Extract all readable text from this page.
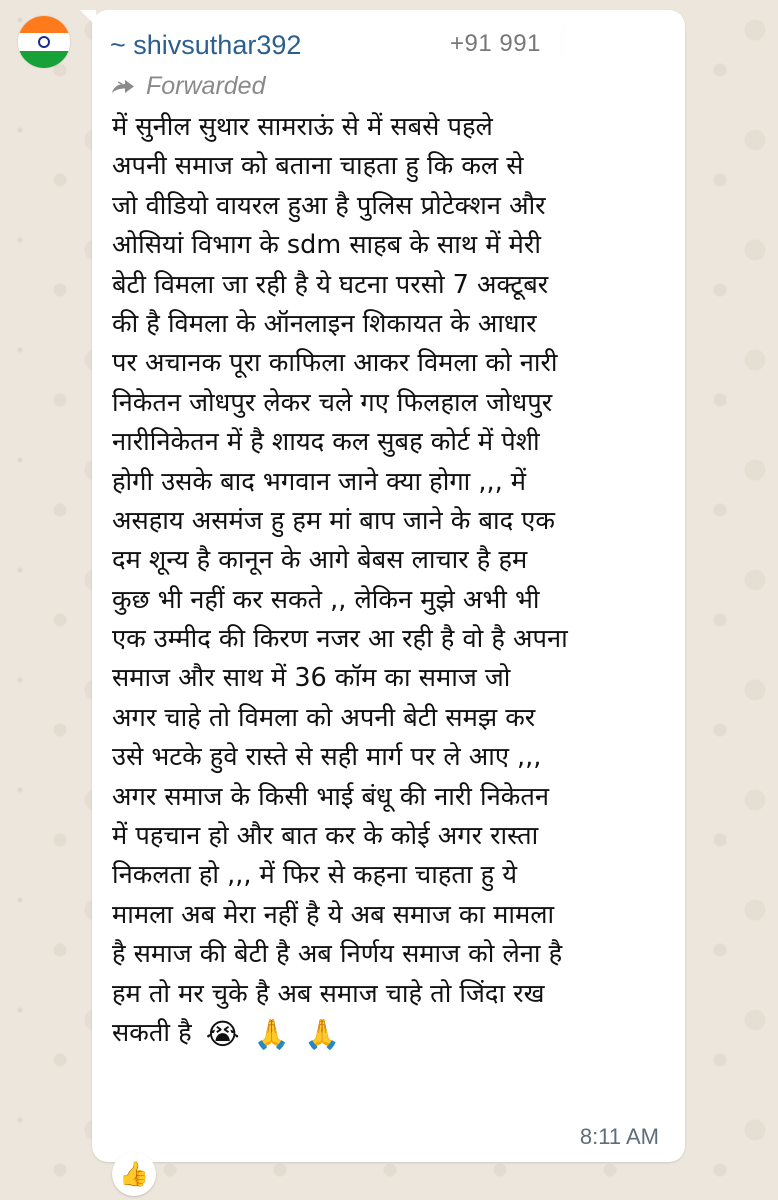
~ shivsuthar392	+91 991
Forwarded
में सुनील सुथार सामराऊं से में सबसे पहले
अपनी समाज को बताना चाहता हु कि कल से
जो वीडियो वायरल हुआ है पुलिस प्रोटेक्शन और
ओसियां विभाग के sdm साहब के साथ में मेरी
बेटी विमला जा रही है ये घटना परसो 7 अक्टूबर
की है विमला के ऑनलाइन शिकायत के आधार
पर अचानक पूरा काफिला आकर विमला को नारी
निकेतन जोधपुर लेकर चले गए फिलहाल जोधपुर
नारीनिकेतन में है शायद कल सुबह कोर्ट में पेशी
होगी उसके बाद भगवान जाने क्या होगा ,,, में
असहाय असमंज हु हम मां बाप जाने के बाद एक
दम शून्य है कानून के आगे बेबस लाचार है हम
कुछ भी नहीं कर सकते ,, लेकिन मुझे अभी भी
एक उम्मीद की किरण नजर आ रही है वो है अपना
समाज और साथ में 36 कॉम का समाज जो
अगर चाहे तो विमला को अपनी बेटी समझ कर
उसे भटके हुवे रास्ते से सही मार्ग पर ले आए ,,,
अगर समाज के किसी भाई बंधू की नारी निकेतन
में पहचान हो और बात कर के कोई अगर रास्ता
निकलता हो ,,, में फिर से कहना चाहता हु ये
मामला अब मेरा नहीं है ये अब समाज का मामला
है समाज की बेटी है अब निर्णय समाज को लेना है
हम तो मर चुके है अब समाज चाहे तो जिंदा रख
सकती है 😭 🙏 🙏
8:11 AM
👍
